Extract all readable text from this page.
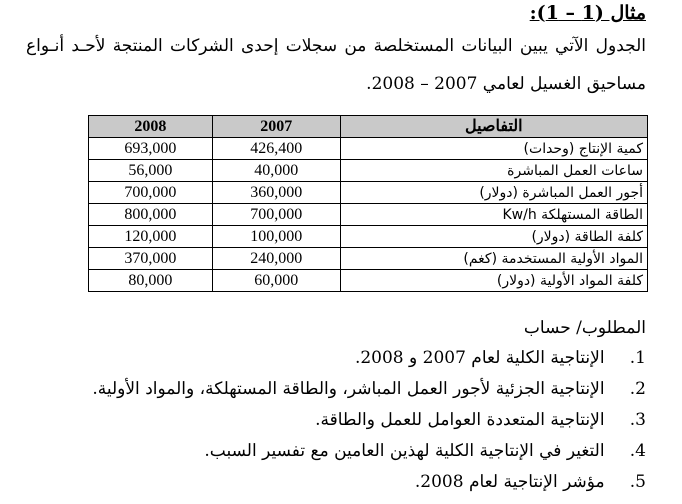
مثال (1 – 1):
الجدول الآتي يبين البيانات المستخلصة من سجلات إحدى الشركات المنتجة لأحـد أنـواع
مساحيق الغسيل لعامي 2007 – 2008.
2008	2007	التفاصيل
693,000	426,400	كمية الإنتاج (وحدات)
56,000	40,000	ساعات العمل المباشرة
700,000	360,000	أجور العمل المباشرة (دولار)
800,000	700,000	الطاقة المستهلكة Kw/h
120,000	100,000	كلفة الطاقة (دولار)
370,000	240,000	المواد الأولية المستخدمة (كغم)
80,000	60,000	كلفة المواد الأولية (دولار)
المطلوب/ حساب
1. الإنتاجية الكلية لعام 2007 و 2008.
2. الإنتاجية الجزئية لأجور العمل المباشر، والطاقة المستهلكة، والمواد الأولية.
3. الإنتاجية المتعددة العوامل للعمل والطاقة.
4. التغير في الإنتاجية الكلية لهذين العامين مع تفسير السبب.
5. مؤشر الإنتاجية لعام 2008.
